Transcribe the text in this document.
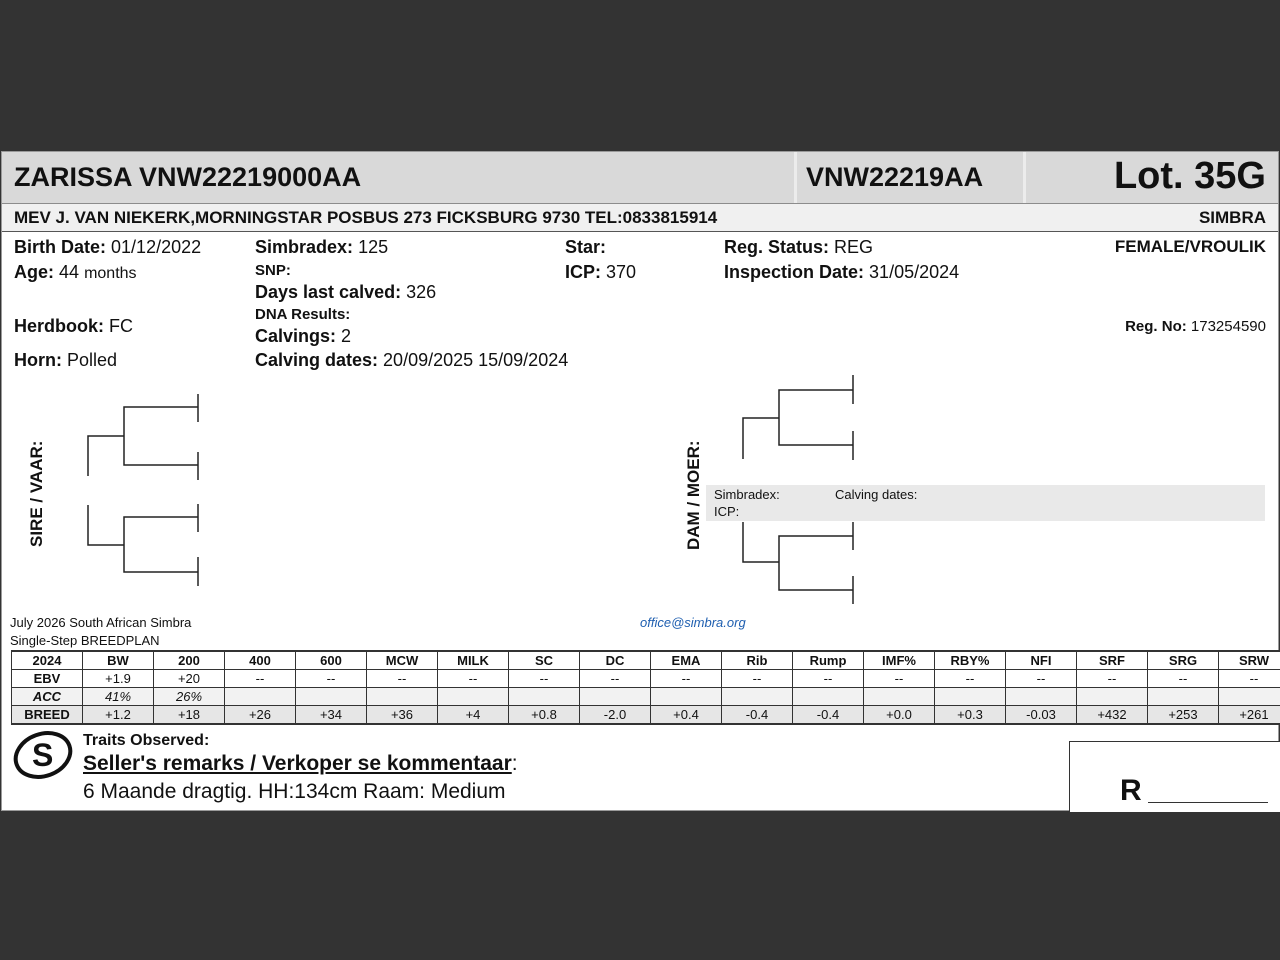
ZARISSA VNW22219000AA	VNW22219AA	Lot. 35G
MEV J. VAN NIEKERK,MORNINGSTAR POSBUS 273 FICKSBURG 9730 TEL:0833815914	SIMBRA
Birth Date: 01/12/2022
Age: 44 months
Herdbook: FC
Horn: Polled
Simbradex: 125
SNP:
Days last calved: 326
DNA Results:
Calvings: 2
Calving dates: 20/09/2025 15/09/2024
Star:
ICP: 370
Reg. Status: REG
Inspection Date: 31/05/2024
FEMALE/VROULIK
Reg. No: 173254590
SIRE / VAAR:	DAM / MOER: Simbradex:
ICP:
Calving dates:
July 2026 South African Simbra
Single-Step BREEDPLAN
office@simbra.org
2024	BW	200	400	600	MCW	MILK	SC	DC	EMA	Rib	Rump	IMF%	RBY%	NFI	SRF	SRG	SRW
EBV	+1.9	+20	--	--	--	--	--	--	--	--	--	--	--	--	--	--	--
ACC	41%	26%															
BREED	+1.2	+18	+26	+34	+36	+4	+0.8	-2.0	+0.4	-0.4	-0.4	+0.0	+0.3	-0.03	+432	+253	+261
S Traits Observed:
Seller's remarks / Verkoper se kommentaar:
6 Maande dragtig. HH:134cm Raam: Medium	R
